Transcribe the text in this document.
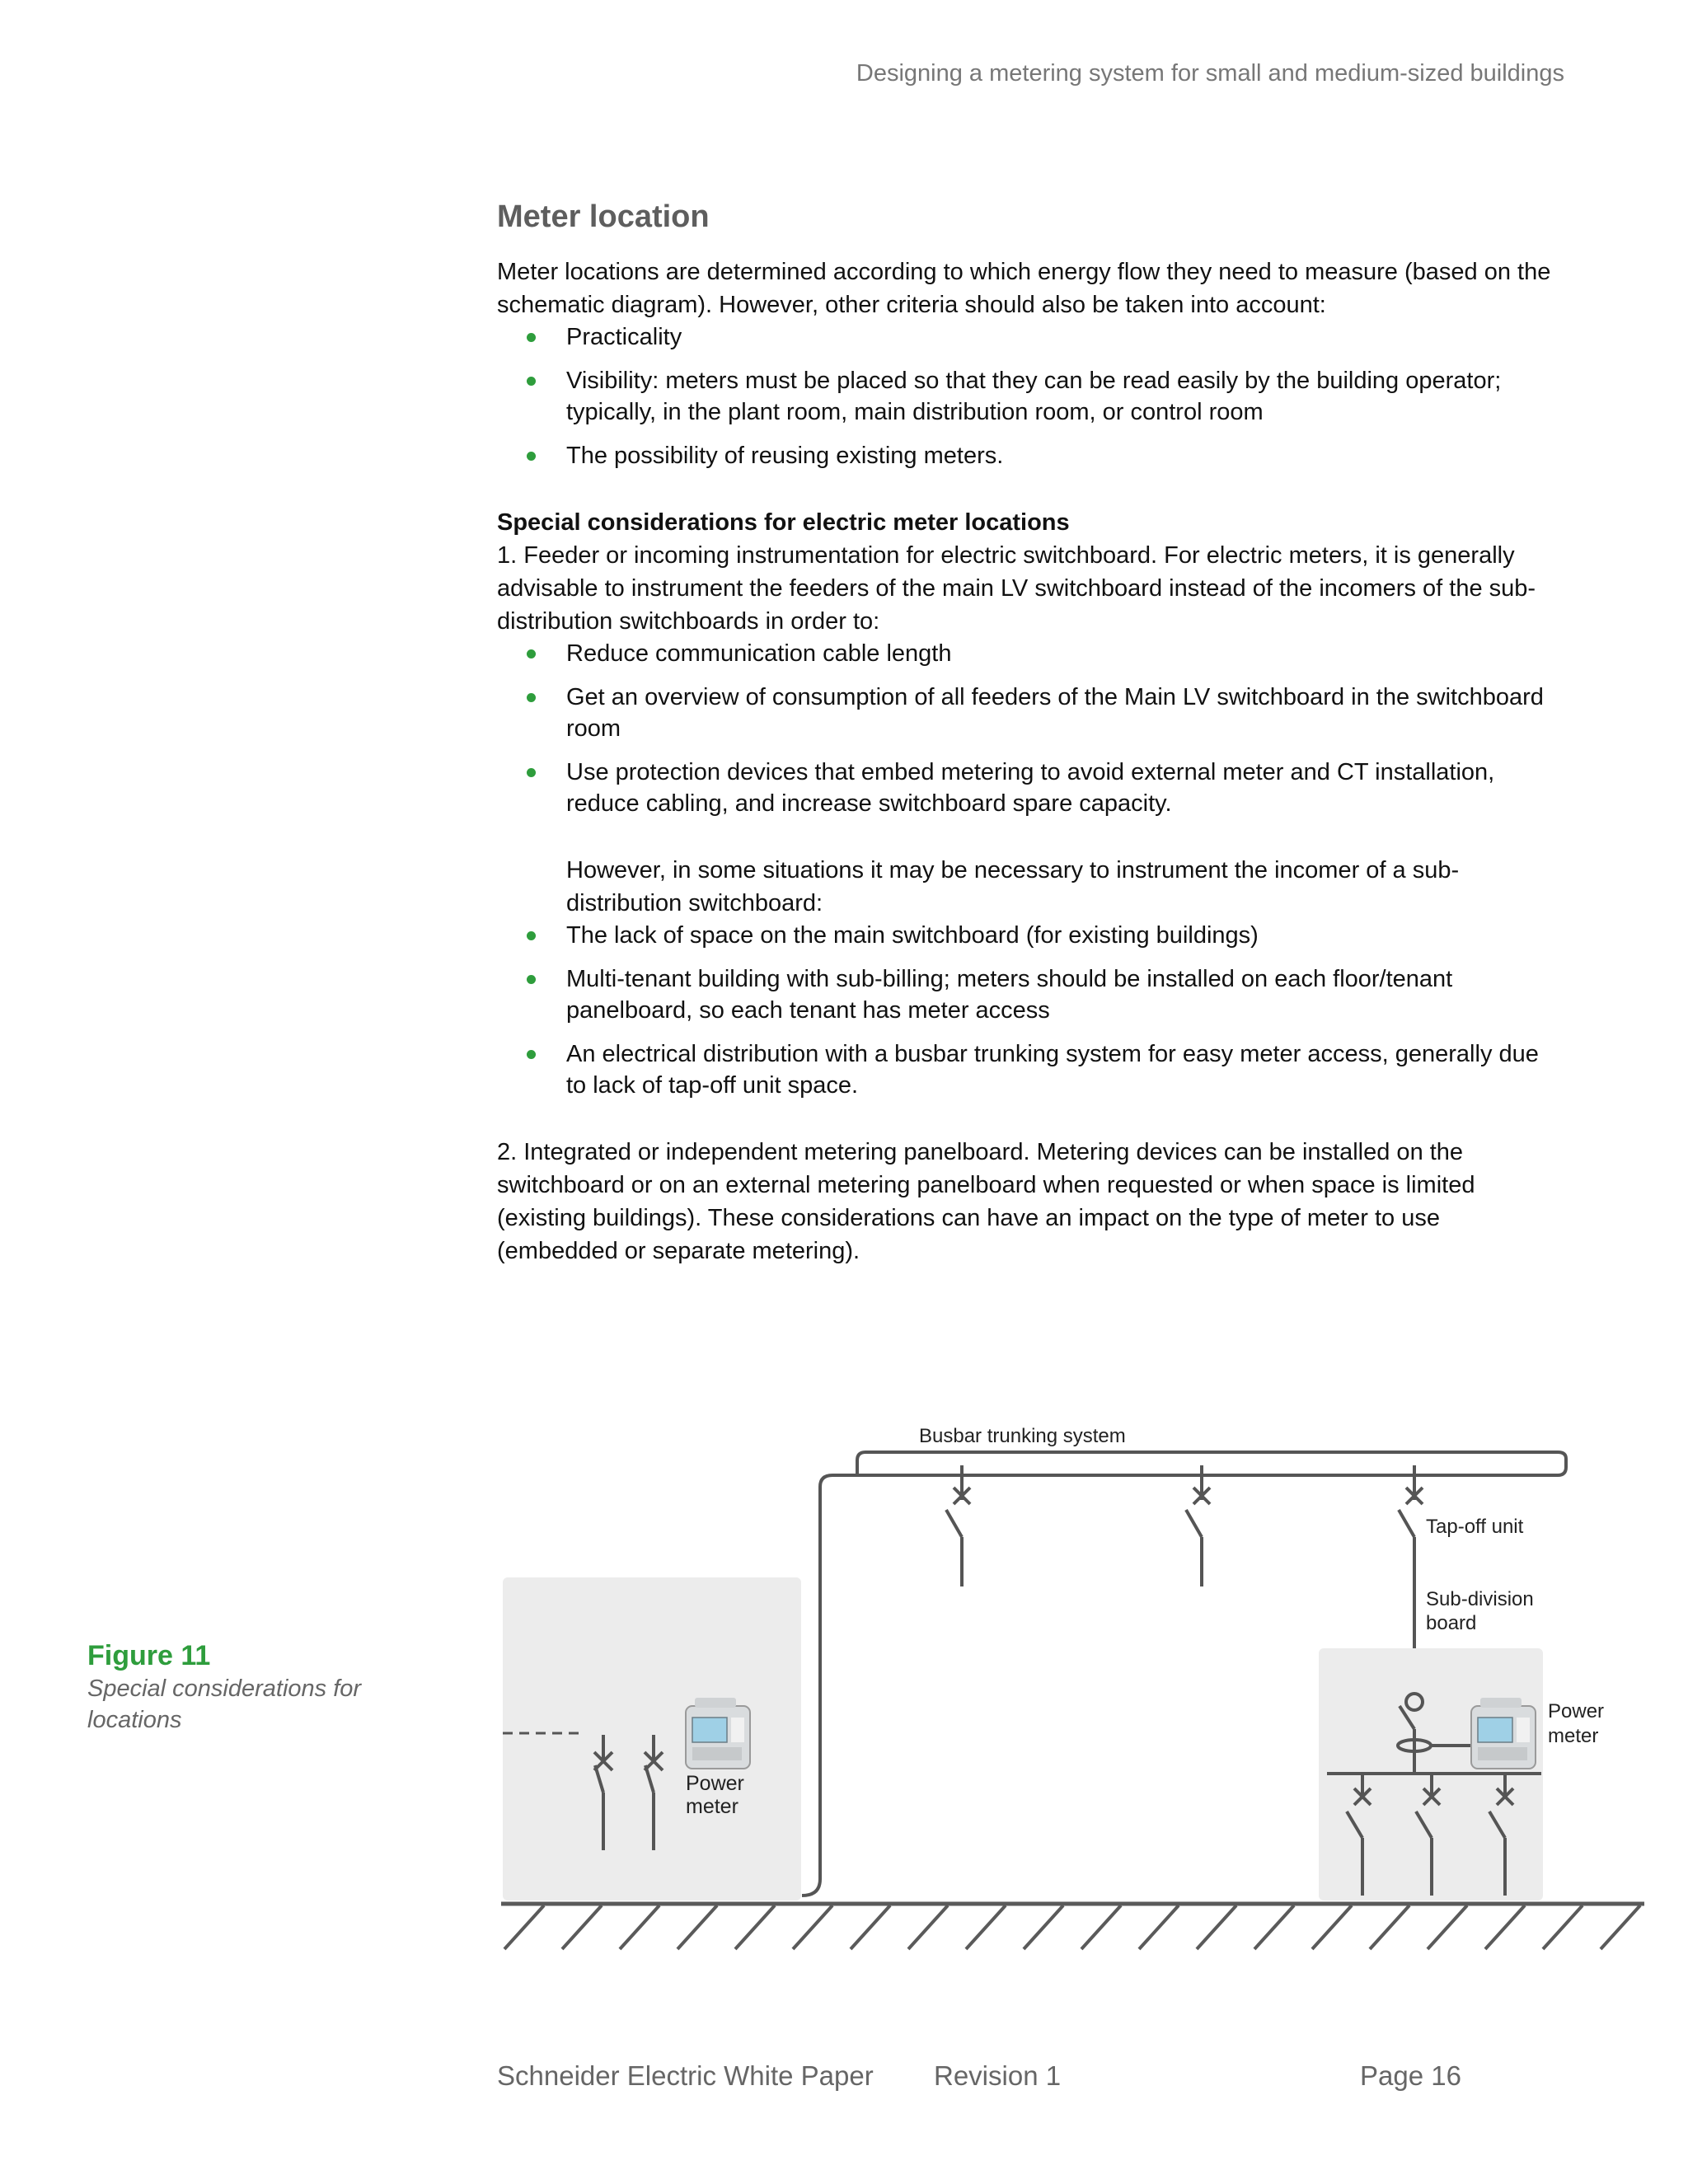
Designing a metering system for small and medium-sized buildings
Meter location

Meter locations are determined according to which energy flow they need to measure (based on the schematic diagram). However, other criteria should also be taken into account:

Practicality
Visibility: meters must be placed so that they can be read easily by the building operator; typically, in the plant room, main distribution room, or control room
The possibility of reusing existing meters.
Special considerations for electric meter locations

1. Feeder or incoming instrumentation for electric switchboard. For electric meters, it is generally advisable to instrument the feeders of the main LV switchboard instead of the incomers of the sub-distribution switchboards in order to:

Reduce communication cable length
Get an overview of consumption of all feeders of the Main LV switchboard in the switchboard room
Use protection devices that embed metering to avoid external meter and CT installation, reduce cabling, and increase switchboard spare capacity.

However, in some situations it may be necessary to instrument the incomer of a sub-distribution switchboard:

The lack of space on the main switchboard (for existing buildings)
Multi-tenant building with sub-billing; meters should be installed on each floor/tenant panelboard, so each tenant has meter access
An electrical distribution with a busbar trunking system for easy meter access, generally due to lack of tap-off unit space.

2. Integrated or independent metering panelboard. Metering devices can be installed on the switchboard or on an external metering panelboard when requested or when space is limited (existing buildings). These considerations can have an impact on the type of meter to use (embedded or separate metering).

Figure 11
Special considerations for locations
Power
meter
Busbar trunking system
Tap-off unit
Sub-division
board
Power
meter
Schneider Electric White Paper Revision 1	Page 16
